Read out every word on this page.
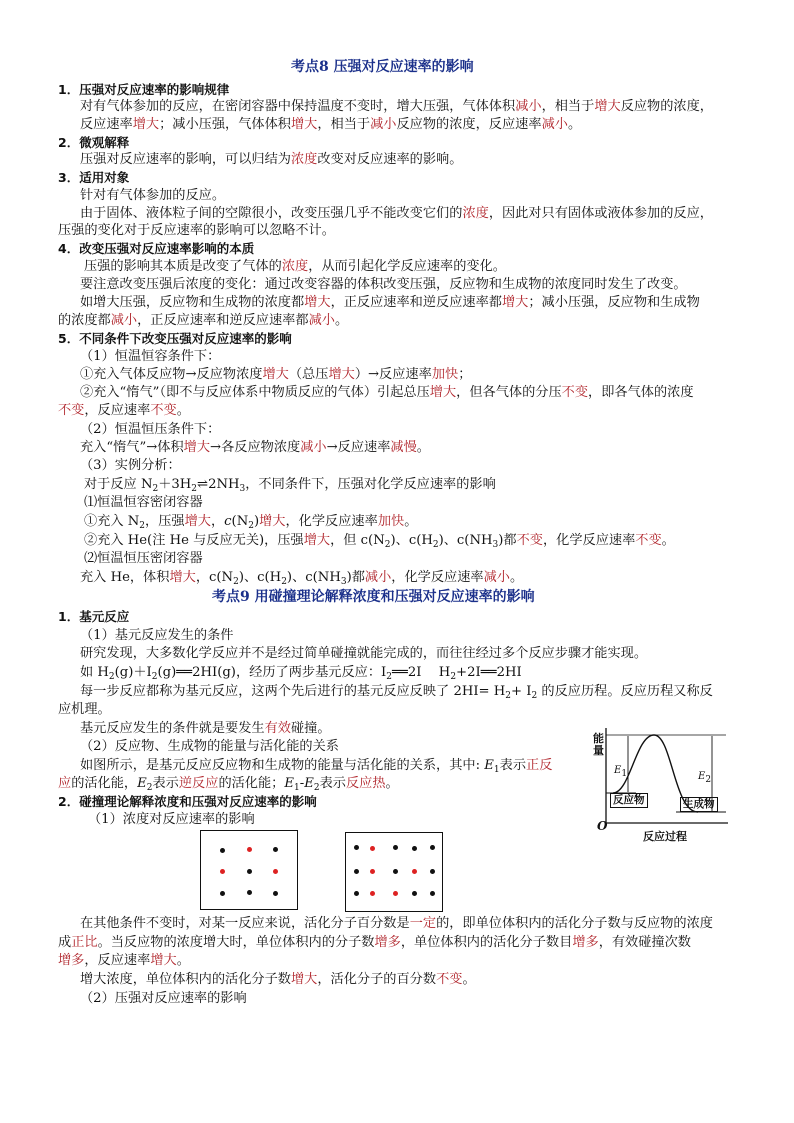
考点8 压强对反应速率的影响
1．压强对反应速率的影响规律
对有气体参加的反应，在密闭容器中保持温度不变时，增大压强，气体体积减小，相当于增大反应物的浓度，
反应速率增大；减小压强，气体体积增大，相当于减小反应物的浓度，反应速率减小。
2．微观解释
压强对反应速率的影响，可以归结为浓度改变对反应速率的影响。
3．适用对象
针对有气体参加的反应。
由于固体、液体粒子间的空隙很小，改变压强几乎不能改变它们的浓度，因此对只有固体或液体参加的反应，
压强的变化对于反应速率的影响可以忽略不计。
4．改变压强对反应速率影响的本质
压强的影响其本质是改变了气体的浓度，从而引起化学反应速率的变化。
要注意改变压强后浓度的变化：通过改变容器的体积改变压强，反应物和生成物的浓度同时发生了改变。
如增大压强，反应物和生成物的浓度都增大，正反应速率和逆反应速率都增大；减小压强，反应物和生成物
的浓度都减小，正反应速率和逆反应速率都减小。
5．不同条件下改变压强对反应速率的影响
（1）恒温恒容条件下：
①充入气体反应物→反应物浓度增大（总压增大）→反应速率加快；
②充入“惰气”（即不与反应体系中物质反应的气体）引起总压增大，但各气体的分压不变，即各气体的浓度
不变，反应速率不变。
（2）恒温恒压条件下：
充入“惰气”→体积增大→各反应物浓度减小→反应速率减慢。
（3）实例分析：
对于反应 $N_2+3H_2\rightleftharpoons 2NH_3$，不同条件下，压强对化学反应速率的影响
⑴恒温恒容密闭容器
①充入 $N_2$，压强增大，$c(N_2)$增大，化学反应速率加快。
②充入 He(注 He 与反应无关)，压强增大，但 $c(N_2)$、$c(H_2)$、$c(NH_3)$都不变，化学反应速率不变。
⑵恒温恒压密闭容器
充入 He，体积增大，$c(N_2)$、$c(H_2)$、$c(NH_3)$都减小，化学反应速率减小。
考点9 用碰撞理论解释浓度和压强对反应速率的影响
1．基元反应
（1）基元反应发生的条件
研究发现，大多数化学反应并不是经过简单碰撞就能完成的，而往往经过多个反应步骤才能实现。
如 $H_2(g)+I_2(g)══2HI(g)$，经历了两步基元反应：$I_2══2I$　 $H_2+2I══2HI$
每一步反应都称为基元反应，这两个先后进行的基元反应反映了 $2HI= H_2+ I_2$ 的反应历程。反应历程又称反
应机理。
基元反应发生的条件就是要发生有效碰撞。
（2）反应物、生成物的能量与活化能的关系
如图所示，是基元反应反应物和生成物的能量与活化能的关系，其中: $E_1$表示正反
应的活化能，$E_2$表示逆反应的活化能；$E_1-E_2$表示反应热。
2．碰撞理论解释浓度和压强对反应速率的影响
（1）浓度对反应速率的影响
能
量
E1	E2
反应物	生成物
O
反应过程
在其他条件不变时，对某一反应来说，活化分子百分数是一定的，即单位体积内的活化分子数与反应物的浓度
成正比。当反应物的浓度增大时，单位体积内的分子数增多，单位体积内的活化分子数目增多，有效碰撞次数
增多，反应速率增大。
增大浓度，单位体积内的活化分子数增大，活化分子的百分数不变。
（2）压强对反应速率的影响
